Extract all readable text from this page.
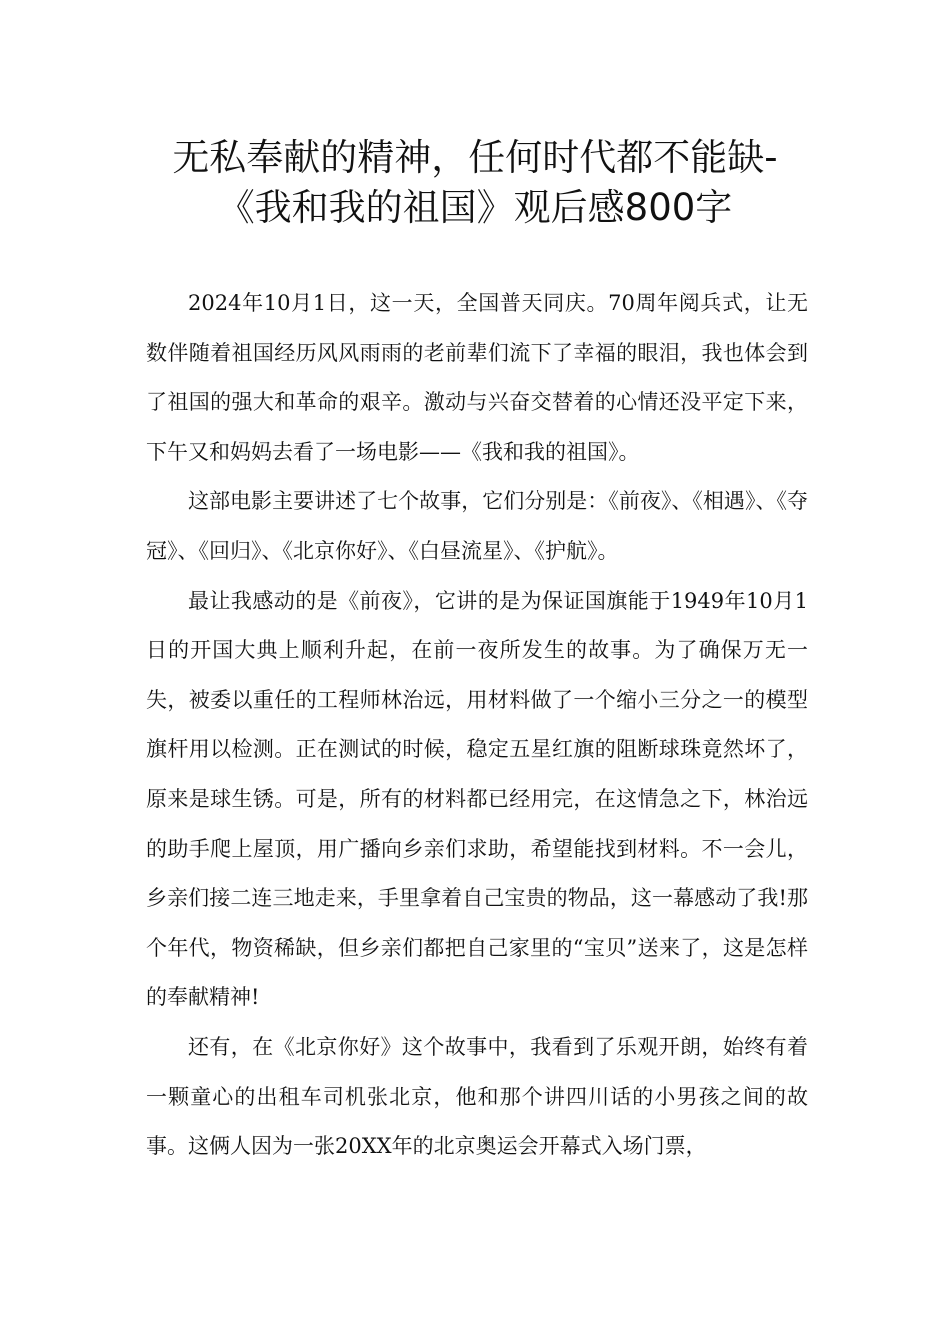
无私奉献的精神，任何时代都不能缺-
《我和我的祖国》观后感800字

2024年10月1日，这一天，全国普天同庆。70周年阅兵式，让无数伴随着祖国经历风风雨雨的老前辈们流下了幸福的眼泪，我也体会到了祖国的强大和革命的艰辛。激动与兴奋交替着的心情还没平定下来，下午又和妈妈去看了一场电影——《我和我的祖国》。

这部电影主要讲述了七个故事，它们分别是：《前夜》、《相遇》、《夺冠》、《回归》、《北京你好》、《白昼流星》、《护航》。

最让我感动的是《前夜》，它讲的是为保证国旗能于1949年10月1日的开国大典上顺利升起，在前一夜所发生的故事。为了确保万无一失，被委以重任的工程师林治远，用材料做了一个缩小三分之一的模型旗杆用以检测。正在测试的时候，稳定五星红旗的阻断球珠竟然坏了，原来是球生锈。可是，所有的材料都已经用完，在这情急之下，林治远的助手爬上屋顶，用广播向乡亲们求助，希望能找到材料。不一会儿，乡亲们接二连三地走来，手里拿着自己宝贵的物品，这一幕感动了我!那个年代，物资稀缺，但乡亲们都把自己家里的“宝贝”送来了，这是怎样的奉献精神!

还有，在《北京你好》这个故事中，我看到了乐观开朗，始终有着一颗童心的出租车司机张北京，他和那个讲四川话的小男孩之间的故事。这俩人因为一张20XX年的北京奥运会开幕式入场门票，
